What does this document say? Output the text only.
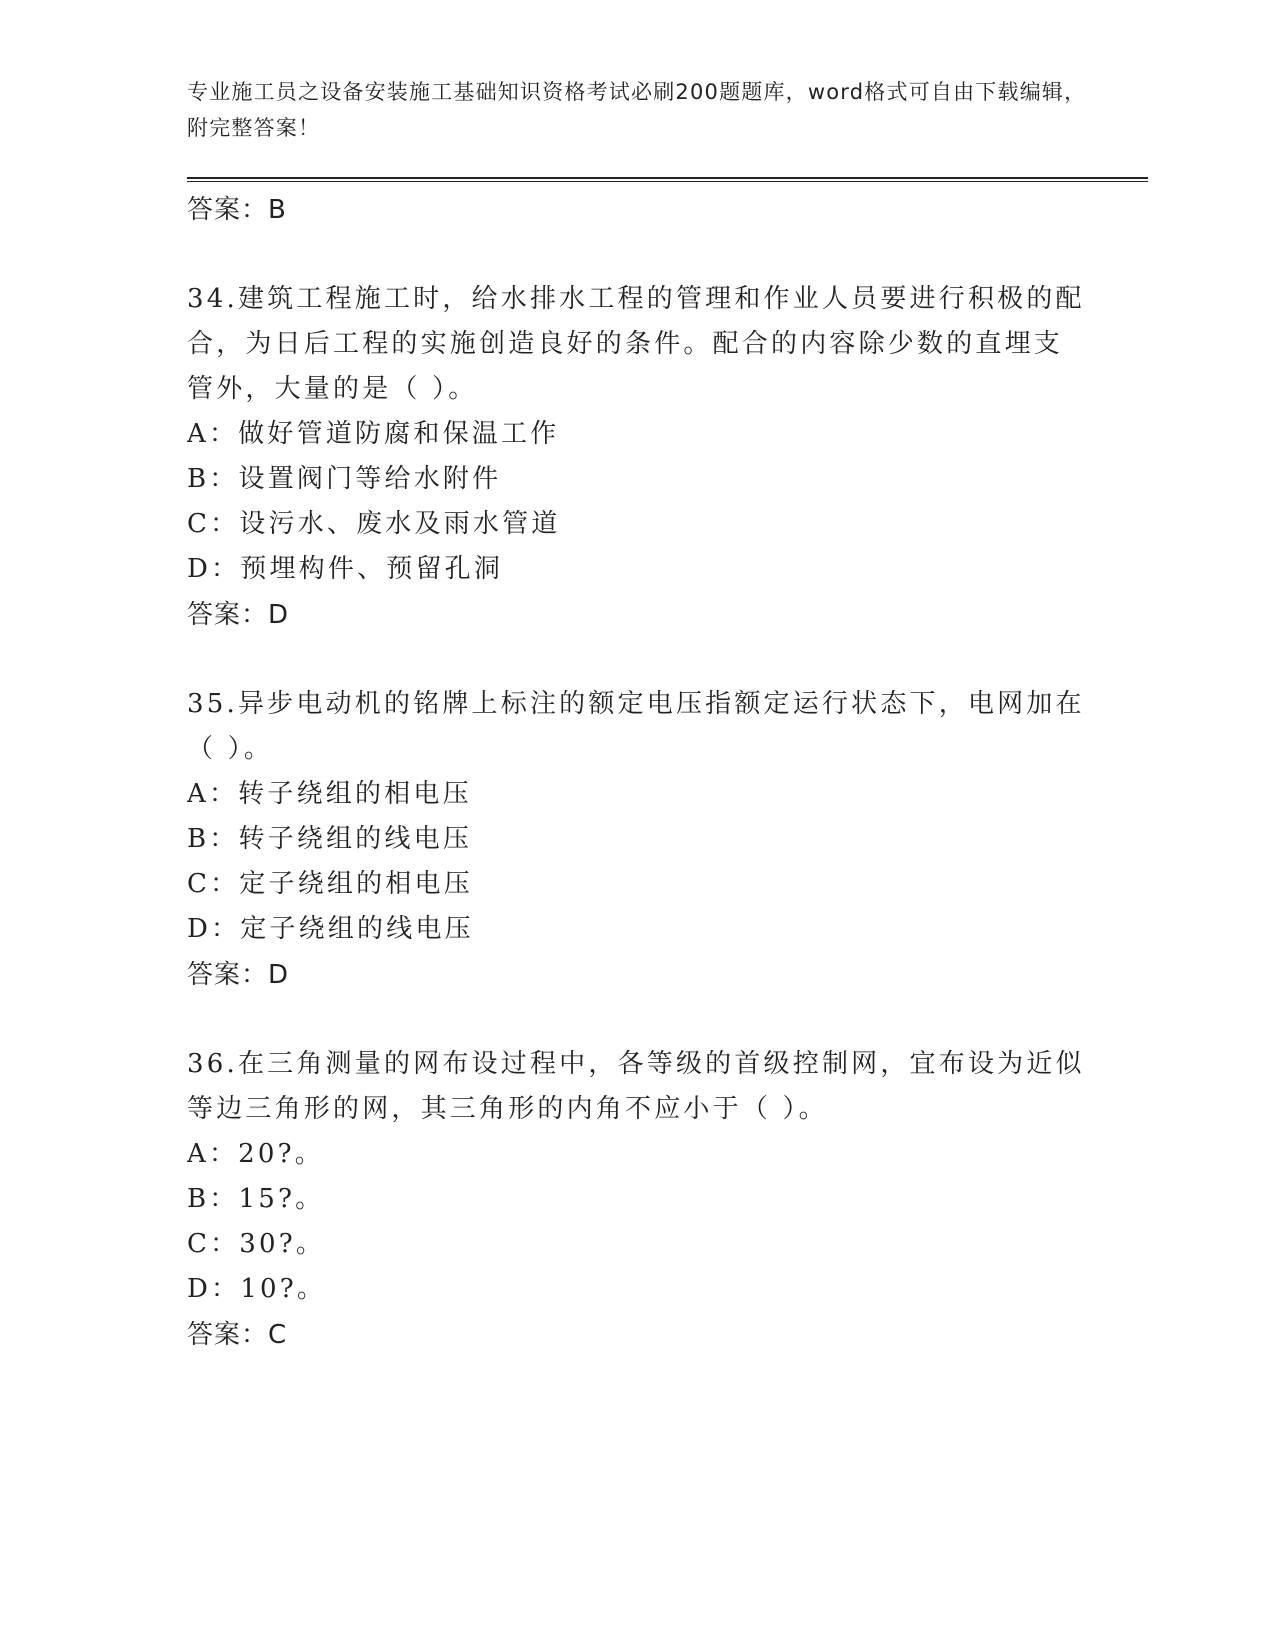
专业施工员之设备安装施工基础知识资格考试必刷200题题库，word格式可自由下载编辑，附完整答案！

答案：B

34.建筑工程施工时，给水排水工程的管理和作业人员要进行积极的配合，为日后工程的实施创造良好的条件。配合的内容除少数的直埋支管外，大量的是（ ）。

A：做好管道防腐和保温工作

B：设置阀门等给水附件

C：设污水、废水及雨水管道

D：预埋构件、预留孔洞

答案：D

35.异步电动机的铭牌上标注的额定电压指额定运行状态下，电网加在（ ）。

A：转子绕组的相电压

B：转子绕组的线电压

C：定子绕组的相电压

D：定子绕组的线电压

答案：D

36.在三角测量的网布设过程中，各等级的首级控制网，宜布设为近似等边三角形的网，其三角形的内角不应小于（ ）。

A：20?。

B：15?。

C：30?。

D：10?。

答案：C
